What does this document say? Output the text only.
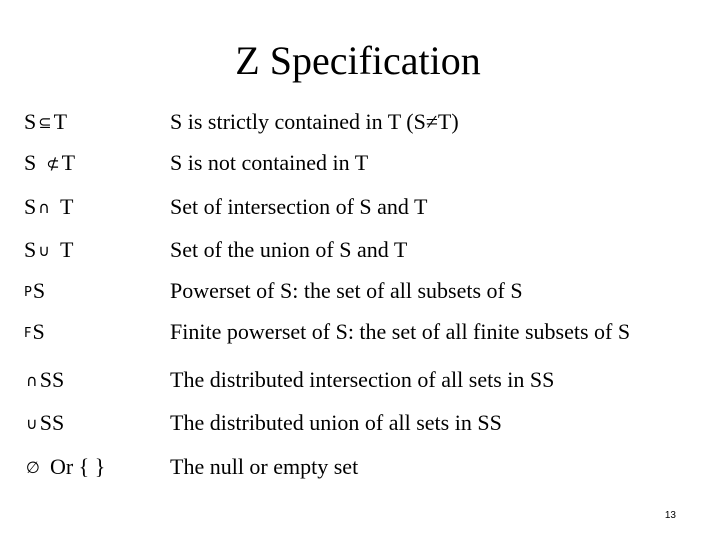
Z Specification
S ⊆T	S is strictly contained in T (S≠T)
S ⊄T	S is not contained in T
S ∩ T	Set of intersection of S and T
S ∪ T	Set of the union of S and T
PS	Powerset of S: the set of all subsets of S
FS	Finite powerset of S: the set of all finite subsets of S
∩SS	The distributed intersection of all sets in SS
∪SS	The distributed union of all sets in SS
∅ Or { }	The null or empty set
13
